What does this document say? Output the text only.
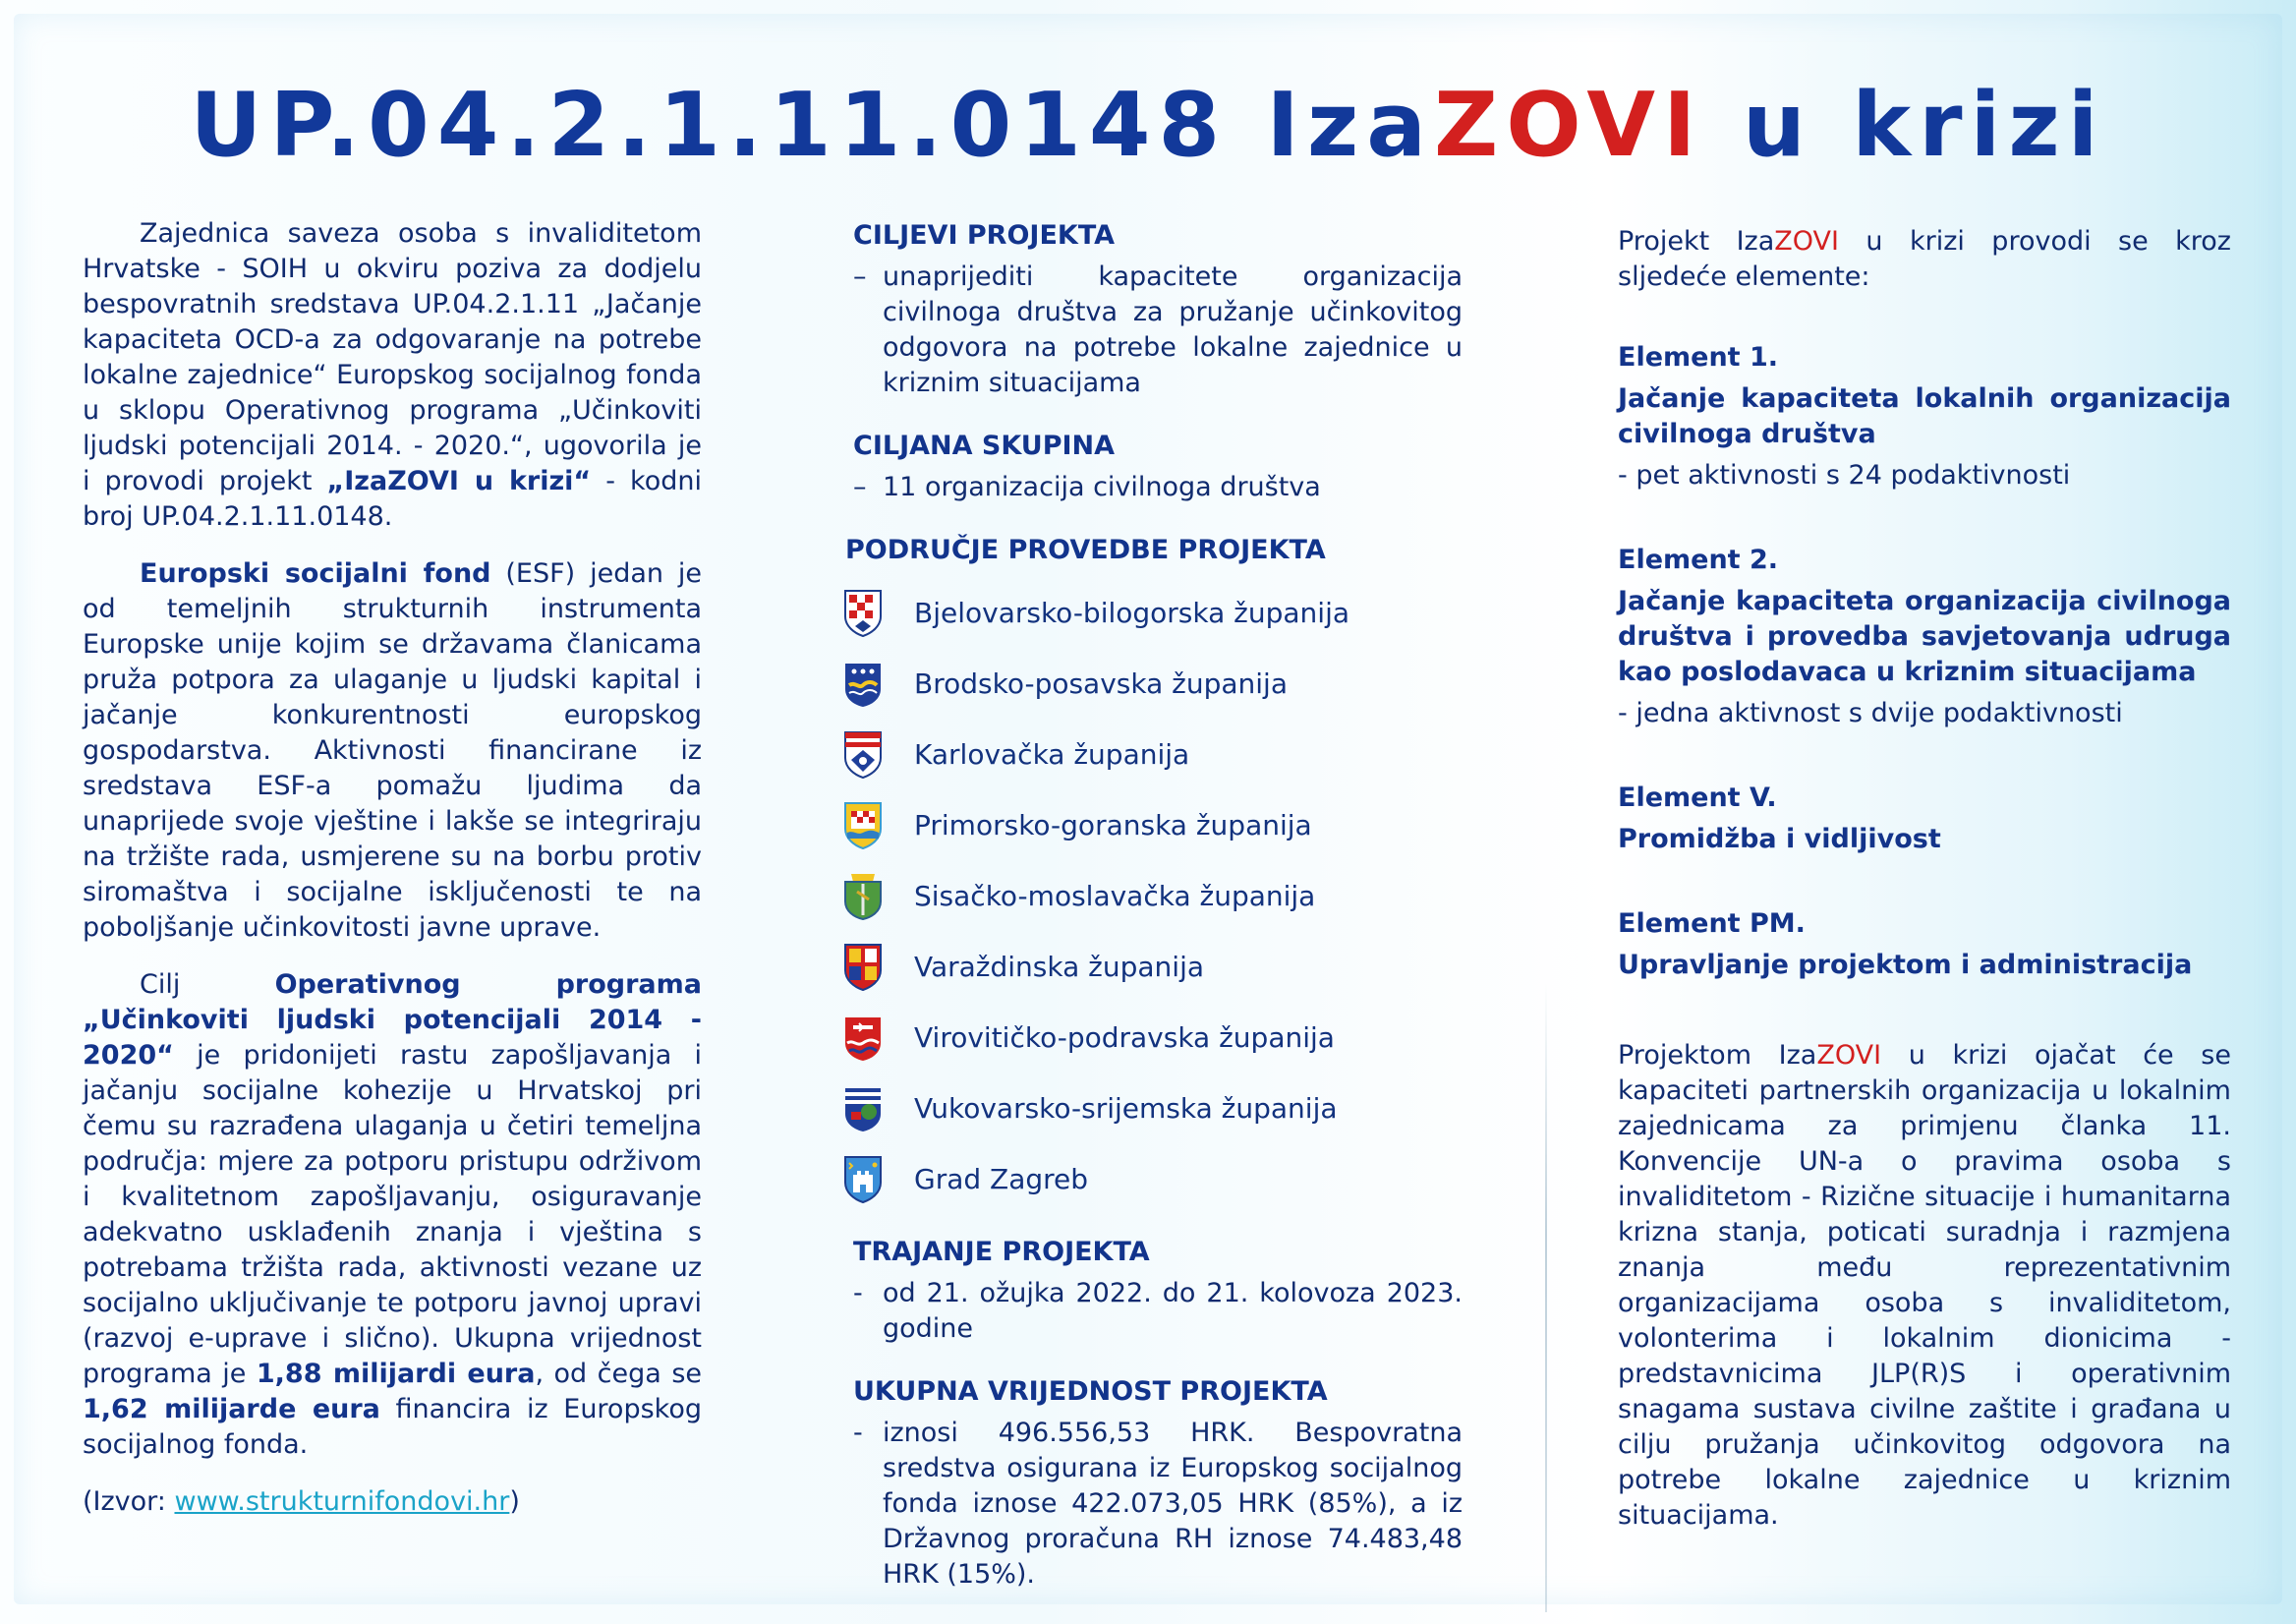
UP.04.2.1.11.0148 IzaZOVI u krizi

Zajednica saveza osoba s invaliditetom Hrvatske - SOIH u okviru poziva za dodjelu bespovratnih sredstava UP.04.2.1.11 „Jačanje kapaciteta OCD-a za odgovaranje na potrebe lokalne zajednice“ Europskog socijalnog fonda u sklopu Operativnog programa „Učinkoviti ljudski potencijali 2014. - 2020.“, ugovorila je i provodi projekt „IzaZOVI u krizi“ - kodni broj UP.04.2.1.11.0148.

Europski socijalni fond (ESF) jedan je od temeljnih strukturnih instrumenta Europske unije kojim se državama članicama pruža potpora za ulaganje u ljudski kapital i jačanje konkurentnosti europskog gospodarstva. Aktivnosti financirane iz sredstava ESF-a pomažu ljudima da unaprijede svoje vještine i lakše se integriraju na tržište rada, usmjerene su na borbu protiv siromaštva i socijalne isključenosti te na poboljšanje učinkovitosti javne uprave.

Cilj Operativnog programa „Učinkoviti ljudski potencijali 2014 - 2020“ je pridonijeti rastu zapošljavanja i jačanju socijalne kohezije u Hrvatskoj pri čemu su razrađena ulaganja u četiri temeljna područja: mjere za potporu pristupu održivom i kvalitetnom zapošljavanju, osiguravanje adekvatno usklađenih znanja i vještina s potrebama tržišta rada, aktivnosti vezane uz socijalno uključivanje te potporu javnoj upravi (razvoj e-uprave i slično). Ukupna vrijednost programa je 1,88 milijardi eura, od čega se 1,62 milijarde eura financira iz Europskog socijalnog fonda.

(Izvor: www.strukturnifondovi.hr)
CILJEVI PROJEKTA
– unaprijediti kapacitete organizacija civilnoga društva za pružanje učinkovitog odgovora na potrebe lokalne zajednice u kriznim situacijama
CILJANA SKUPINA
– 11 organizacija civilnoga društva
PODRUČJE PROVEDBE PROJEKTA
Bjelovarsko-bilogorska županija
Brodsko-posavska županija
Karlovačka županija
Primorsko-goranska županija
Sisačko-moslavačka županija
Varaždinska županija
Virovitičko-podravska županija
Vukovarsko-srijemska županija
Grad Zagreb
TRAJANJE PROJEKTA
- od 21. ožujka 2022. do 21. kolovoza 2023. godine
UKUPNA VRIJEDNOST PROJEKTA
- iznosi 496.556,53 HRK. Bespovratna sredstva osigurana iz Europskog socijalnog fonda iznose 422.073,05 HRK (85%), a iz Državnog proračuna RH iznose 74.483,48 HRK (15%).

Projekt IzaZOVI u krizi provodi se kroz sljedeće elemente:

Element 1.
Jačanje kapaciteta lokalnih organizacija civilnoga društva
- pet aktivnosti s 24 podaktivnosti
Element 2.
Jačanje kapaciteta organizacija civilnoga društva i provedba savjetovanja udruga kao poslodavaca u kriznim situacijama
- jedna aktivnost s dvije podaktivnosti
Element V.
Promidžba i vidljivost
Element PM.
Upravljanje projektom i administracija

Projektom IzaZOVI u krizi ojačat će se kapaciteti partnerskih organizacija u lokalnim zajednicama za primjenu članka 11. Konvencije UN-a o pravima osoba s invaliditetom - Rizične situacije i humanitarna krizna stanja, poticati suradnja i razmjena znanja među reprezentativnim organizacijama osoba s invaliditetom, volonterima i lokalnim dionicima - predstavnicima JLP(R)S i operativnim snagama sustava civilne zaštite i građana u cilju pružanja učinkovitog odgovora na potrebe lokalne zajednice u kriznim situacijama.
